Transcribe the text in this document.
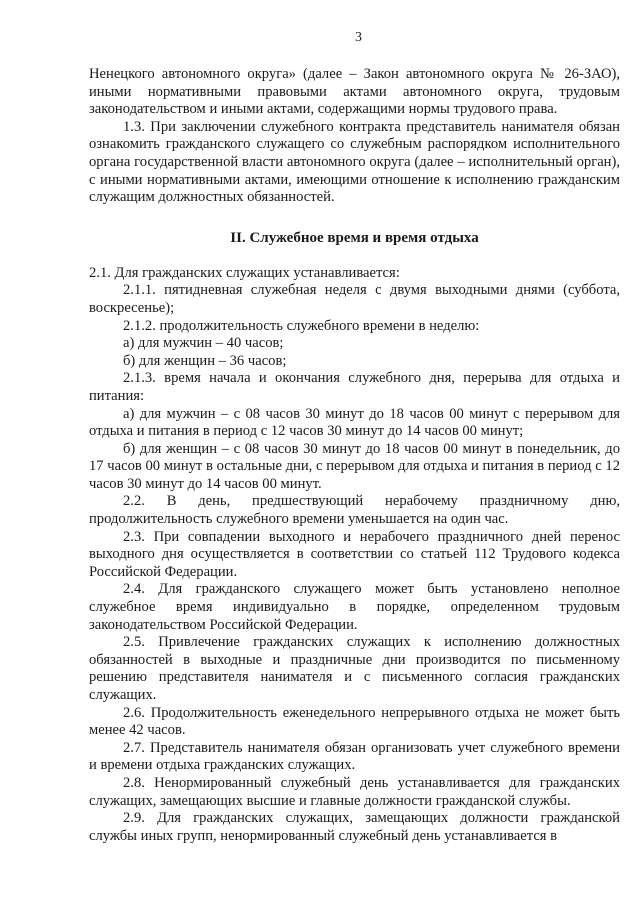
3

Ненецкого автономного округа» (далее – Закон автономного округа № 26-ЗАО), иными нормативными правовыми актами автономного округа, трудовым законодательством и иными актами, содержащими нормы трудового права.

1.3. При заключении служебного контракта представитель нанимателя обязан ознакомить гражданского служащего со служебным распорядком исполнительного органа государственной власти автономного округа (далее – исполнительный орган), с иными нормативными актами, имеющими отношение к исполнению гражданским служащим должностных обязанностей.

II. Служебное время и время отдыха

2.1. Для гражданских служащих устанавливается:

2.1.1. пятидневная служебная неделя с двумя выходными днями (суббота, воскресенье);

2.1.2. продолжительность служебного времени в неделю:

а) для мужчин – 40 часов;

б) для женщин – 36 часов;

2.1.3. время начала и окончания служебного дня, перерыва для отдыха и питания:

а) для мужчин – с 08 часов 30 минут до 18 часов 00 минут с перерывом для отдыха и питания в период с 12 часов 30 минут до 14 часов 00 минут;

б) для женщин – с 08 часов 30 минут до 18 часов 00 минут в понедельник, до 17 часов 00 минут в остальные дни, с перерывом для отдыха и питания в период с 12 часов 30 минут до 14 часов 00 минут.

2.2. В день, предшествующий нерабочему праздничному дню, продолжительность служебного времени уменьшается на один час.

2.3. При совпадении выходного и нерабочего праздничного дней перенос выходного дня осуществляется в соответствии со статьей 112 Трудового кодекса Российской Федерации.

2.4. Для гражданского служащего может быть установлено неполное служебное время индивидуально в порядке, определенном трудовым законодательством Российской Федерации.

2.5. Привлечение гражданских служащих к исполнению должностных обязанностей в выходные и праздничные дни производится по письменному решению представителя нанимателя и с письменного согласия гражданских служащих.

2.6. Продолжительность еженедельного непрерывного отдыха не может быть менее 42 часов.

2.7. Представитель нанимателя обязан организовать учет служебного времени и времени отдыха гражданских служащих.

2.8. Ненормированный служебный день устанавливается для гражданских служащих, замещающих высшие и главные должности гражданской службы.

2.9. Для гражданских служащих, замещающих должности гражданской службы иных групп, ненормированный служебный день устанавливается в
